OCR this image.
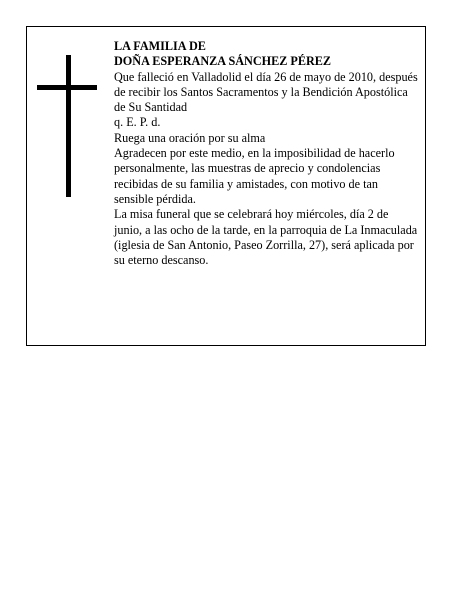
LA FAMILIA DE

DOÑA ESPERANZA SÁNCHEZ PÉREZ

Que falleció en Valladolid el día 26 de mayo de 2010, después de recibir los Santos Sacramentos y la Bendición Apostólica de Su Santidad

q. E. P. d.

Ruega una oración por su alma

Agradecen por este medio, en la imposibilidad de hacerlo personalmente, las muestras de aprecio y condolencias recibidas de su familia y amistades, con motivo de tan sensible pérdida.

La misa funeral que se celebrará hoy miércoles, día 2 de junio, a las ocho de la tarde, en la parroquia de La Inmaculada (iglesia de San Antonio, Paseo Zorrilla, 27), será aplicada por su eterno descanso.
